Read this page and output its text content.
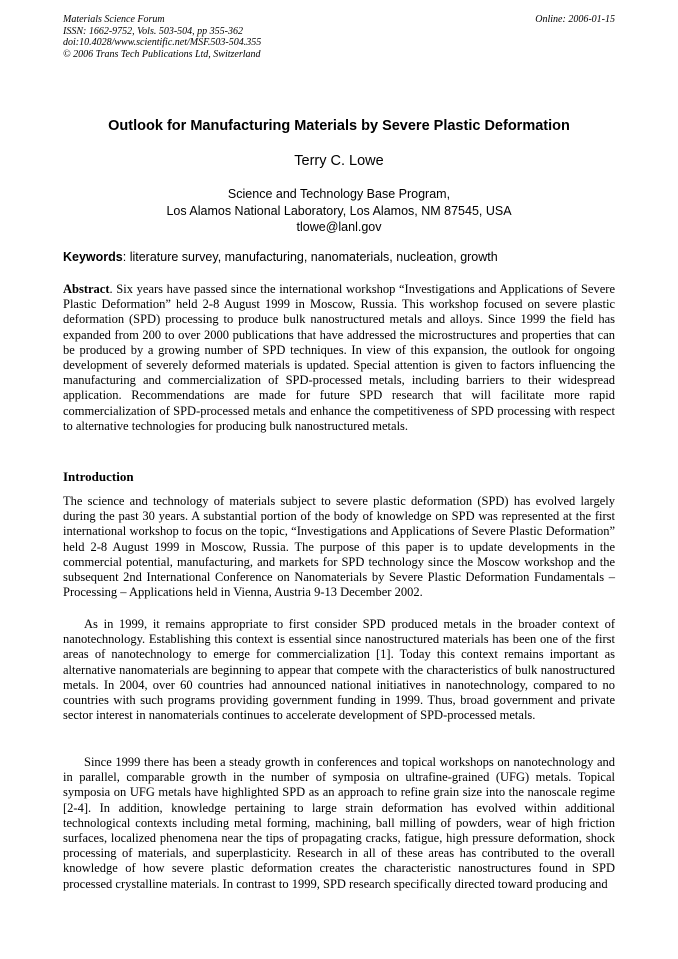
Materials Science Forum
ISSN: 1662-9752, Vols. 503-504, pp 355-362
doi:10.4028/www.scientific.net/MSF.503-504.355
© 2006 Trans Tech Publications Ltd, Switzerland
Online: 2006-01-15
Outlook for Manufacturing Materials by Severe Plastic Deformation
Terry C. Lowe
Science and Technology Base Program,
Los Alamos National Laboratory, Los Alamos, NM 87545, USA
tlowe@lanl.gov
Keywords: literature survey, manufacturing, nanomaterials, nucleation, growth

Abstract. Six years have passed since the international workshop “Investigations and Applications of Severe Plastic Deformation” held 2-8 August 1999 in Moscow, Russia. This workshop focused on severe plastic deformation (SPD) processing to produce bulk nanostructured metals and alloys. Since 1999 the field has expanded from 200 to over 2000 publications that have addressed the microstructures and properties that can be produced by a growing number of SPD techniques. In view of this expansion, the outlook for ongoing development of severely deformed materials is updated. Special attention is given to factors influencing the manufacturing and commercialization of SPD-processed metals, including barriers to their widespread application. Recommendations are made for future SPD research that will facilitate more rapid commercialization of SPD-processed metals and enhance the competitiveness of SPD processing with respect to alternative technologies for producing bulk nanostructured metals.

Introduction

The science and technology of materials subject to severe plastic deformation (SPD) has evolved largely during the past 30 years. A substantial portion of the body of knowledge on SPD was represented at the first international workshop to focus on the topic, “Investigations and Applications of Severe Plastic Deformation” held 2-8 August 1999 in Moscow, Russia. The purpose of this paper is to update developments in the commercial potential, manufacturing, and markets for SPD technology since the Moscow workshop and the subsequent 2nd International Conference on Nanomaterials by Severe Plastic Deformation Fundamentals – Processing – Applications held in Vienna, Austria 9-13 December 2002.

As in 1999, it remains appropriate to first consider SPD produced metals in the broader context of nanotechnology. Establishing this context is essential since nanostructured materials has been one of the first areas of nanotechnology to emerge for commercialization [1]. Today this context remains important as alternative nanomaterials are beginning to appear that compete with the characteristics of bulk nanostructured metals. In 2004, over 60 countries had announced national initiatives in nanotechnology, compared to no countries with such programs providing government funding in 1999. Thus, broad government and private sector interest in nanomaterials continues to accelerate development of SPD-processed metals.

Since 1999 there has been a steady growth in conferences and topical workshops on nanotechnology and in parallel, comparable growth in the number of symposia on ultrafine-grained (UFG) metals. Topical symposia on UFG metals have highlighted SPD as an approach to refine grain size into the nanoscale regime [2-4]. In addition, knowledge pertaining to large strain deformation has evolved within additional technological contexts including metal forming, machining, ball milling of powders, wear of high friction surfaces, localized phenomena near the tips of propagating cracks, fatigue, high pressure deformation, shock processing of materials, and superplasticity. Research in all of these areas has contributed to the overall knowledge of how severe plastic deformation creates the characteristic nanostructures found in SPD processed crystalline materials. In contrast to 1999, SPD research specifically directed toward producing and
